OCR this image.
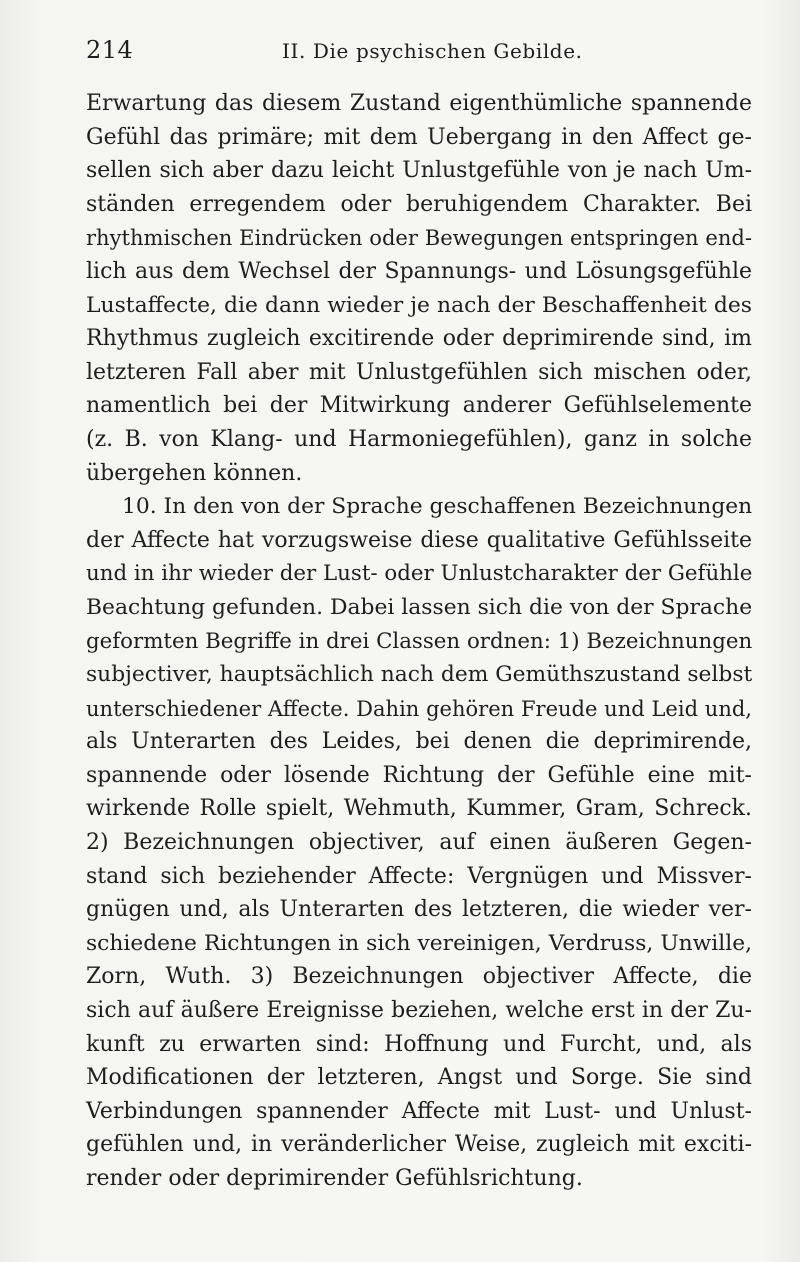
214	II. Die psychischen Gebilde.
Erwartung das diesem Zustand eigenthümliche spannende
Gefühl das primäre; mit dem Uebergang in den Affect ge-
sellen sich aber dazu leicht Unlustgefühle von je nach Um-
ständen erregendem oder beruhigendem Charakter. Bei
rhythmischen Eindrücken oder Bewegungen entspringen end-
lich aus dem Wechsel der Spannungs- und Lösungsgefühle
Lustaffecte, die dann wieder je nach der Beschaffenheit des
Rhythmus zugleich excitirende oder deprimirende sind, im
letzteren Fall aber mit Unlustgefühlen sich mischen oder,
namentlich bei der Mitwirkung anderer Gefühlselemente
(z. B. von Klang- und Harmoniegefühlen), ganz in solche
übergehen können.
10. In den von der Sprache geschaffenen Bezeichnungen
der Affecte hat vorzugsweise diese qualitative Gefühlsseite
und in ihr wieder der Lust- oder Unlustcharakter der Gefühle
Beachtung gefunden. Dabei lassen sich die von der Sprache
geformten Begriffe in drei Classen ordnen: 1) Bezeichnungen
subjectiver, hauptsächlich nach dem Gemüthszustand selbst
unterschiedener Affecte. Dahin gehören Freude und Leid und,
als Unterarten des Leides, bei denen die deprimirende,
spannende oder lösende Richtung der Gefühle eine mit-
wirkende Rolle spielt, Wehmuth, Kummer, Gram, Schreck.
2) Bezeichnungen objectiver, auf einen äußeren Gegen-
stand sich beziehender Affecte: Vergnügen und Missver-
gnügen und, als Unterarten des letzteren, die wieder ver-
schiedene Richtungen in sich vereinigen, Verdruss, Unwille,
Zorn, Wuth. 3) Bezeichnungen objectiver Affecte, die
sich auf äußere Ereignisse beziehen, welche erst in der Zu-
kunft zu erwarten sind: Hoffnung und Furcht, und, als
Modificationen der letzteren, Angst und Sorge. Sie sind
Verbindungen spannender Affecte mit Lust- und Unlust-
gefühlen und, in veränderlicher Weise, zugleich mit exciti-
render oder deprimirender Gefühlsrichtung.
